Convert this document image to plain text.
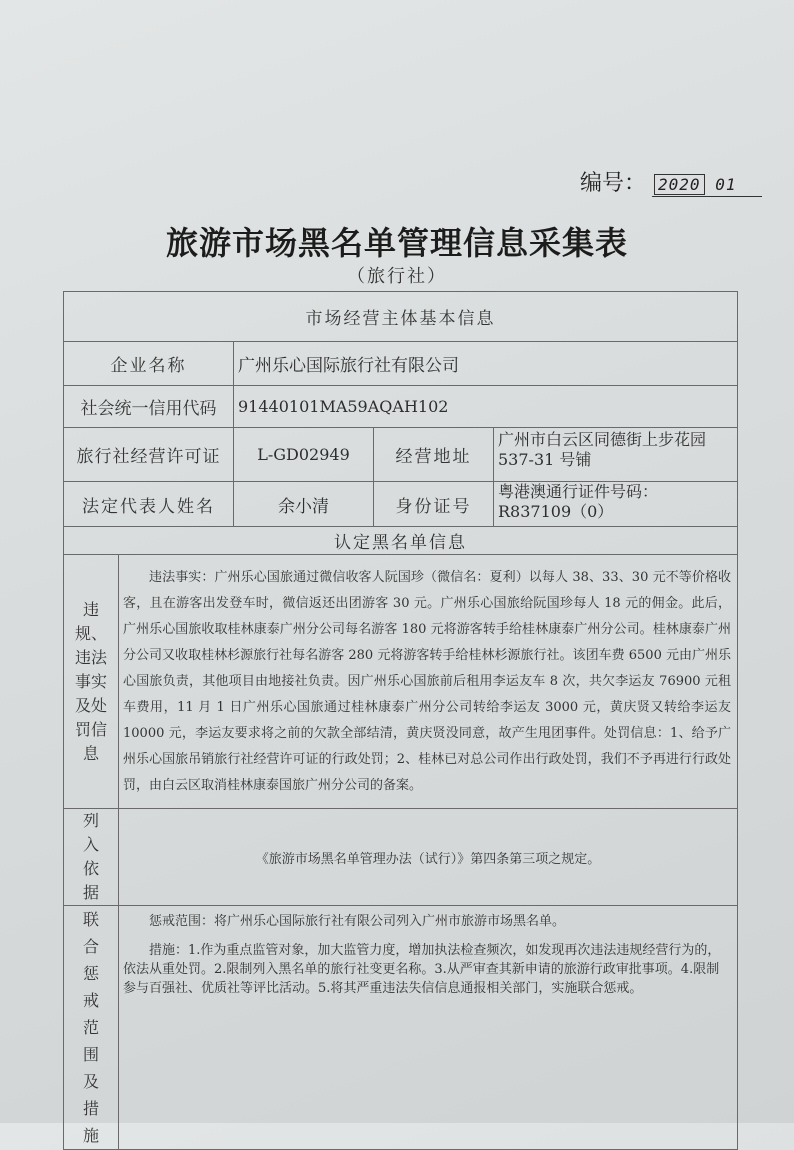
编号： 2020 01
旅游市场黑名单管理信息采集表
（旅行社）
市场经营主体基本信息				
企业名称		广州乐心国际旅行社有限公司		
社会统一信用代码		91440101MA59AQAH102		
旅行社经营许可证		L-GD02949	经营地址	广州市白云区同德街上步花园 537-31 号铺
法定代表人姓名		余小清	身份证号	粤港澳通行证件号码：
R837109（0）

认定黑名单信息				
违规、违法事实及处罚信息	违法事实：广州乐心国旅通过微信收客人阮国珍（微信名：夏利）以每人 38、33、30 元不等价格收客，且在游客出发登车时，微信返还出团游客 30 元。广州乐心国旅给阮国珍每人 18 元的佣金。此后，广州乐心国旅收取桂林康泰广州分公司每名游客 180 元将游客转手给桂林康泰广州分公司。桂林康泰广州分公司又收取桂林杉源旅行社每名游客 280 元将游客转手给桂林杉源旅行社。该团车费 6500 元由广州乐心国旅负责，其他项目由地接社负责。因广州乐心国旅前后租用李运友车 8 次，共欠李运友 76900 元租车费用，11 月 1 日广州乐心国旅通过桂林康泰广州分公司转给李运友 3000 元，黄庆贤又转给李运友 10000 元，李运友要求将之前的欠款全部结清，黄庆贤没同意，故产生甩团事件。处罚信息：1、给予广州乐心国旅吊销旅行社经营许可证的行政处罚；2、桂林已对总公司作出行政处罚，我们不予再进行行政处罚，由白云区取消桂林康泰国旅广州分公司的备案。			

列入依据	《旅游市场黑名单管理办法（试行）》第四条第三项之规定。			
联合惩戒范围及措施	惩戒范围：将广州乐心国际旅行社有限公司列入广州市旅游市场黑名单。

措施：1.作为重点监管对象，加大监管力度，增加执法检查频次，如发现再次违法违规经营行为的，依法从重处罚。2.限制列入黑名单的旅行社变更名称。3.从严审查其新申请的旅游行政审批事项。4.限制参与百强社、优质社等评比活动。5.将其严重违法失信信息通报相关部门，实施联合惩戒。			
